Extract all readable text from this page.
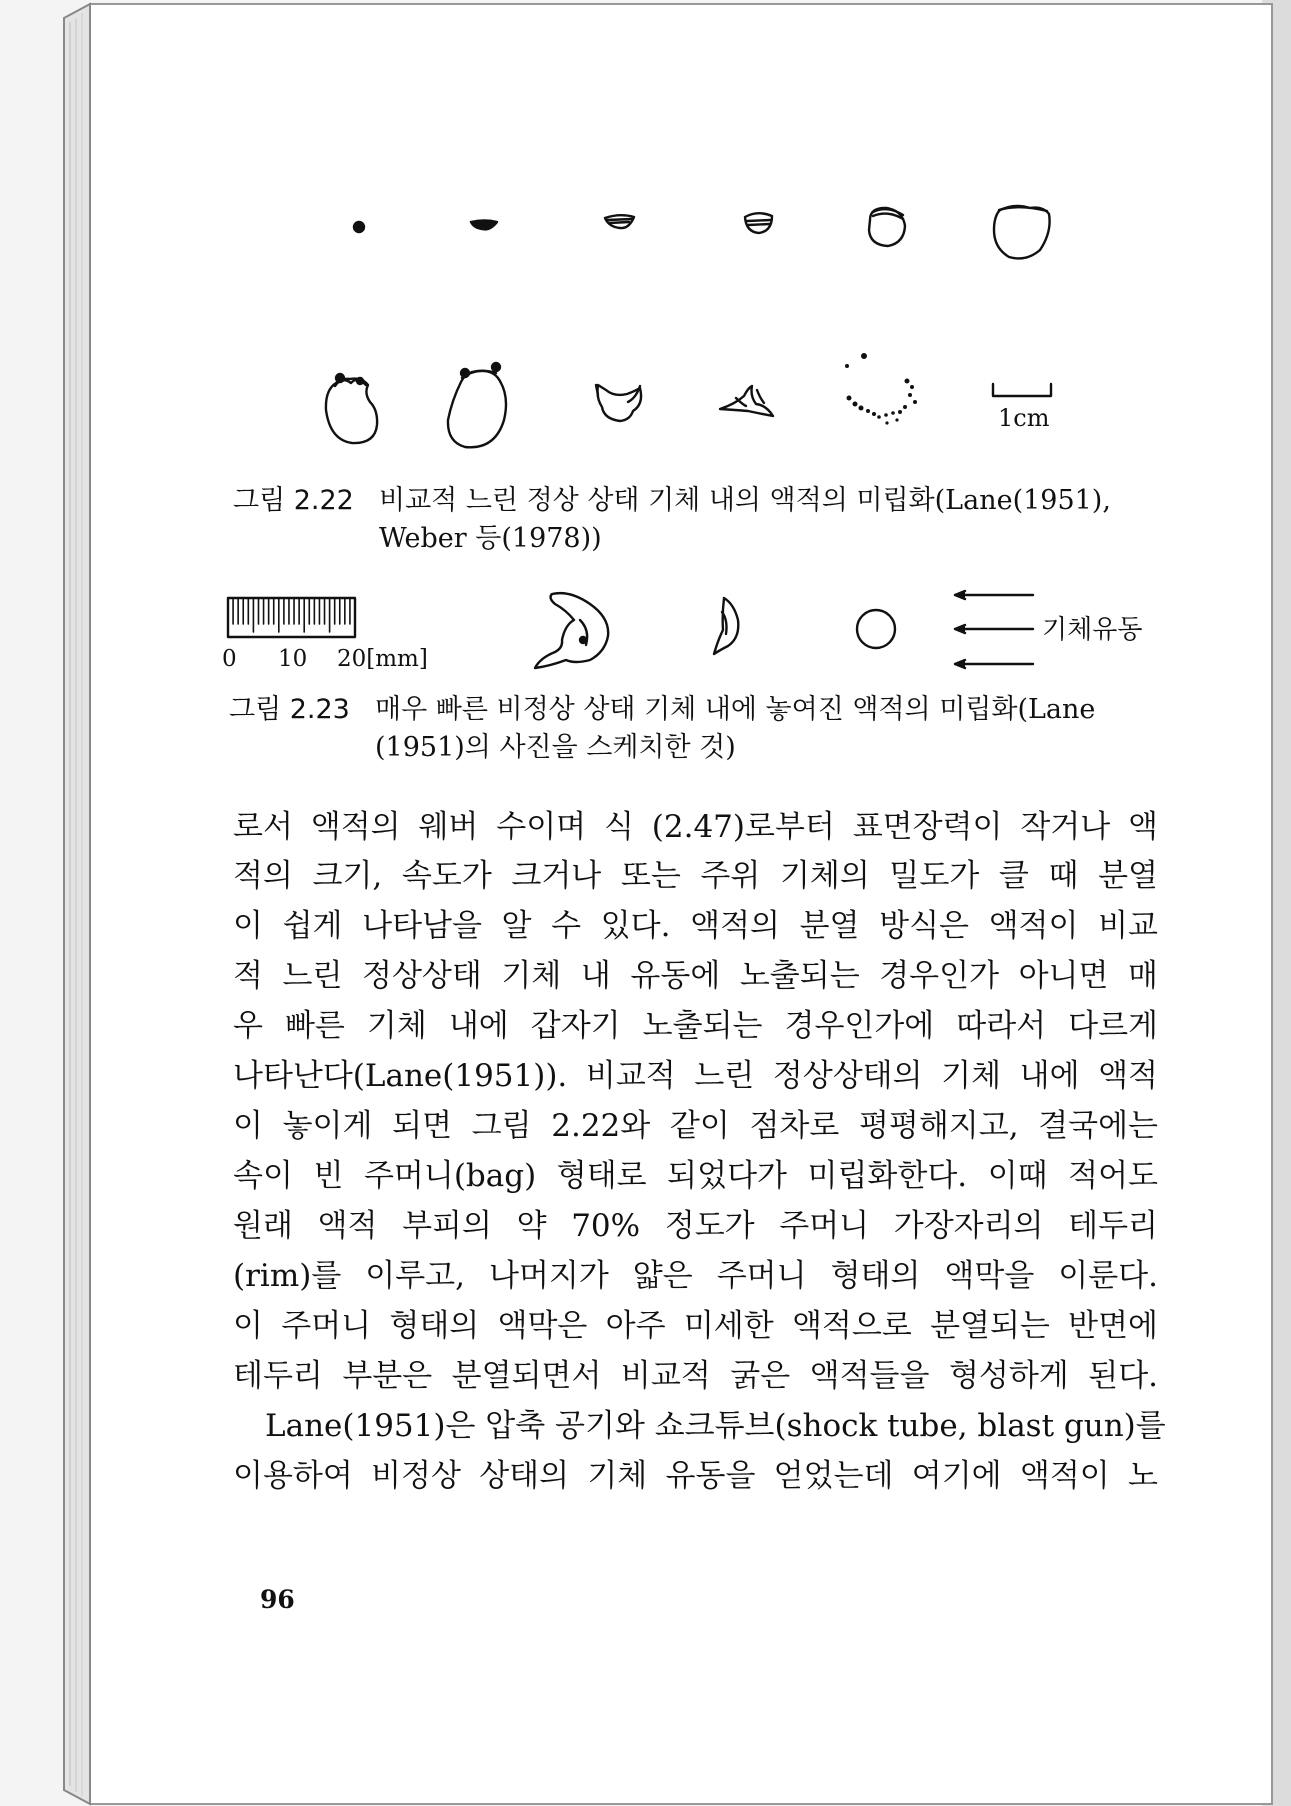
1cm
그림 2.22 비교적 느린 정상 상태 기체 내의 액적의 미립화(Lane(1951),
Weber 등(1978))
기체유동
0 10 20[mm]
그림 2.23 매우 빠른 비정상 상태 기체 내에 놓여진 액적의 미립화(Lane
(1951)의 사진을 스케치한 것)
로서 액적의 웨버 수이며 식 (2.47)로부터 표면장력이 작거나 액
적의 크기, 속도가 크거나 또는 주위 기체의 밀도가 클 때 분열
이 쉽게 나타남을 알 수 있다. 액적의 분열 방식은 액적이 비교
적 느린 정상상태 기체 내 유동에 노출되는 경우인가 아니면 매
우 빠른 기체 내에 갑자기 노출되는 경우인가에 따라서 다르게
나타난다(Lane(1951)). 비교적 느린 정상상태의 기체 내에 액적
이 놓이게 되면 그림 2.22와 같이 점차로 평평해지고, 결국에는
속이 빈 주머니(bag) 형태로 되었다가 미립화한다. 이때 적어도
원래 액적 부피의 약 70% 정도가 주머니 가장자리의 테두리
(rim)를 이루고, 나머지가 얇은 주머니 형태의 액막을 이룬다.
이 주머니 형태의 액막은 아주 미세한 액적으로 분열되는 반면에
테두리 부분은 분열되면서 비교적 굵은 액적들을 형성하게 된다.
Lane(1951)은 압축 공기와 쇼크튜브(shock tube, blast gun)를
이용하여 비정상 상태의 기체 유동을 얻었는데 여기에 액적이 노
96
